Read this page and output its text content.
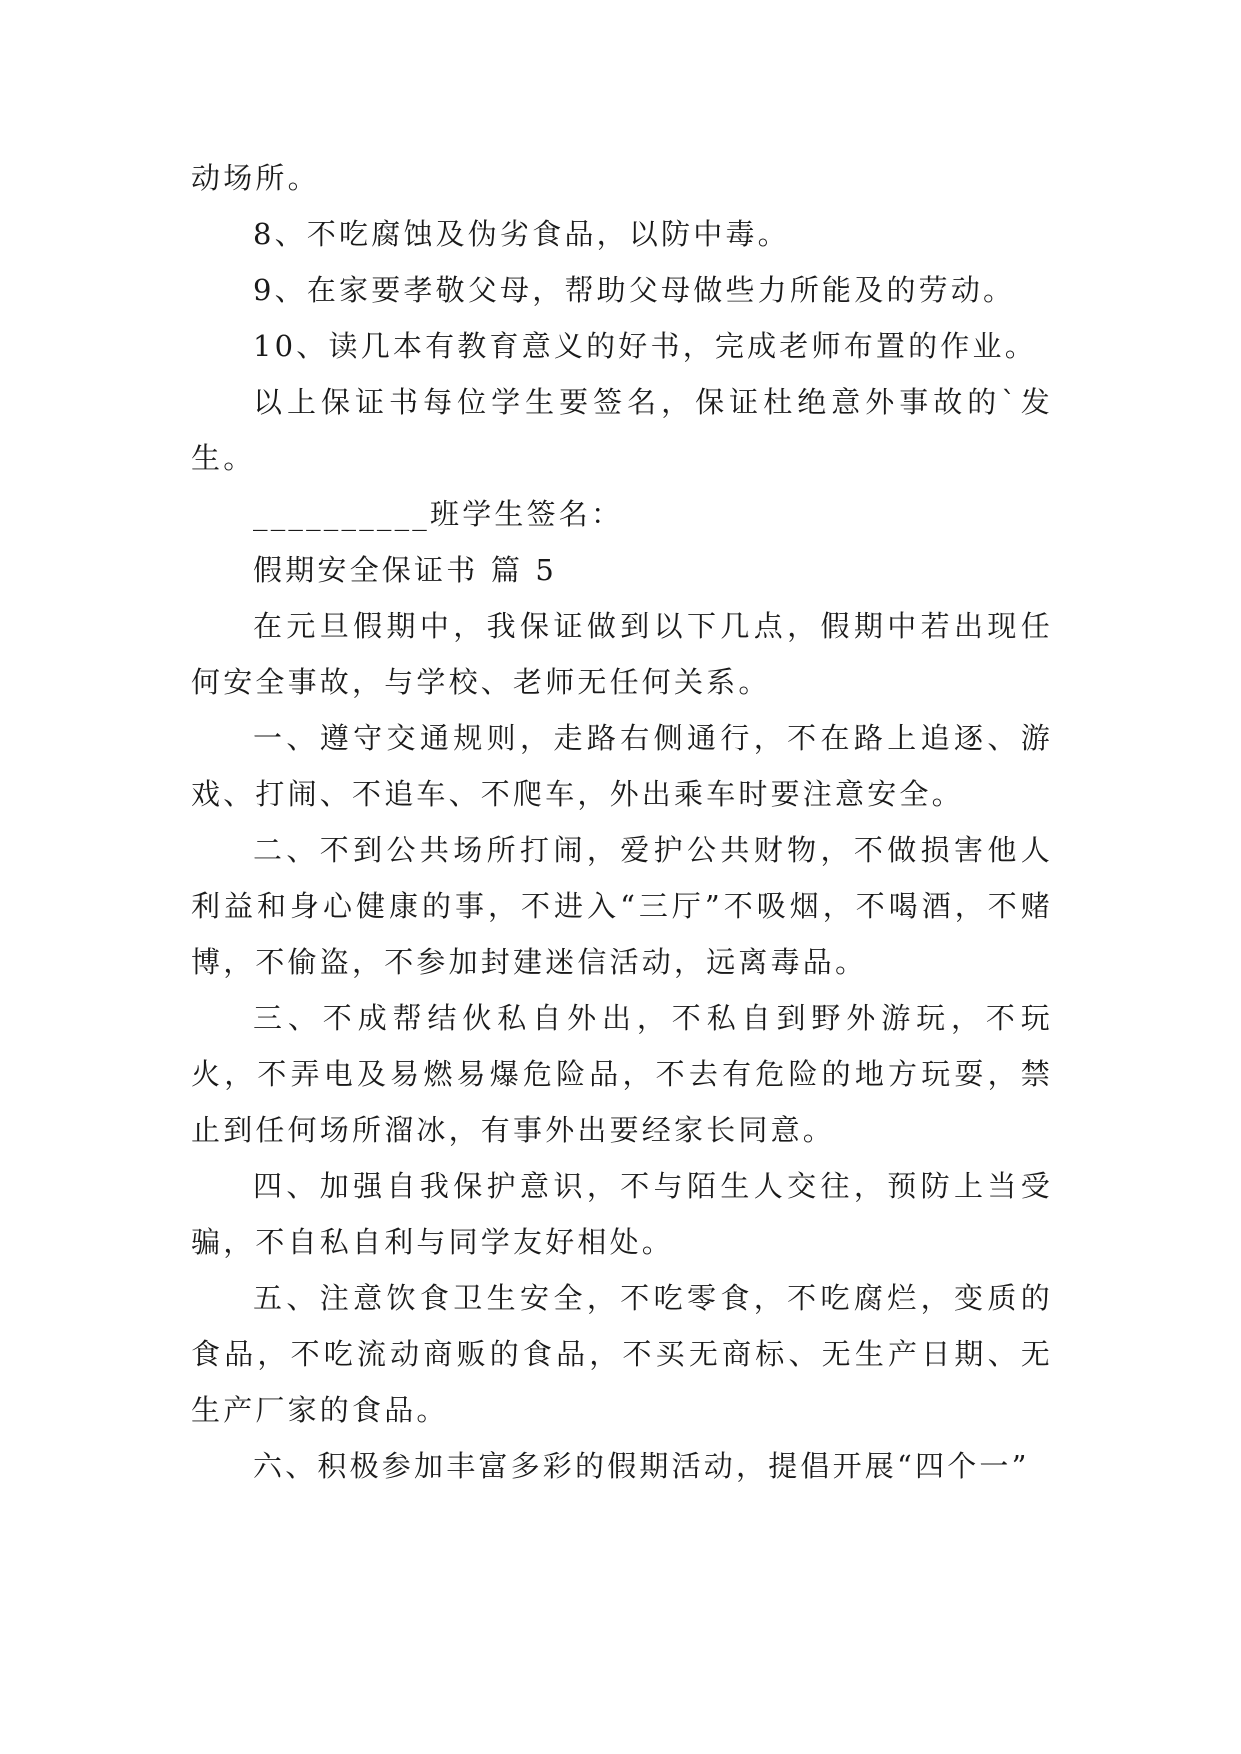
动场所。

8、不吃腐蚀及伪劣食品，以防中毒。

9、在家要孝敬父母，帮助父母做些力所能及的劳动。

10、读几本有教育意义的好书，完成老师布置的作业。

以上保证书每位学生要签名，保证杜绝意外事故的`发生。

__________班学生签名：

假期安全保证书 篇 5

在元旦假期中，我保证做到以下几点，假期中若出现任何安全事故，与学校、老师无任何关系。

一、遵守交通规则，走路右侧通行，不在路上追逐、游戏、打闹、不追车、不爬车，外出乘车时要注意安全。

二、不到公共场所打闹，爱护公共财物，不做损害他人利益和身心健康的事，不进入“三厅”不吸烟，不喝酒，不赌博，不偷盗，不参加封建迷信活动，远离毒品。

三、不成帮结伙私自外出，不私自到野外游玩，不玩火，不弄电及易燃易爆危险品，不去有危险的地方玩耍，禁止到任何场所溜冰，有事外出要经家长同意。

四、加强自我保护意识，不与陌生人交往，预防上当受骗，不自私自利与同学友好相处。

五、注意饮食卫生安全，不吃零食，不吃腐烂，变质的食品，不吃流动商贩的食品，不买无商标、无生产日期、无生产厂家的食品。

六、积极参加丰富多彩的假期活动，提倡开展“四个一”
